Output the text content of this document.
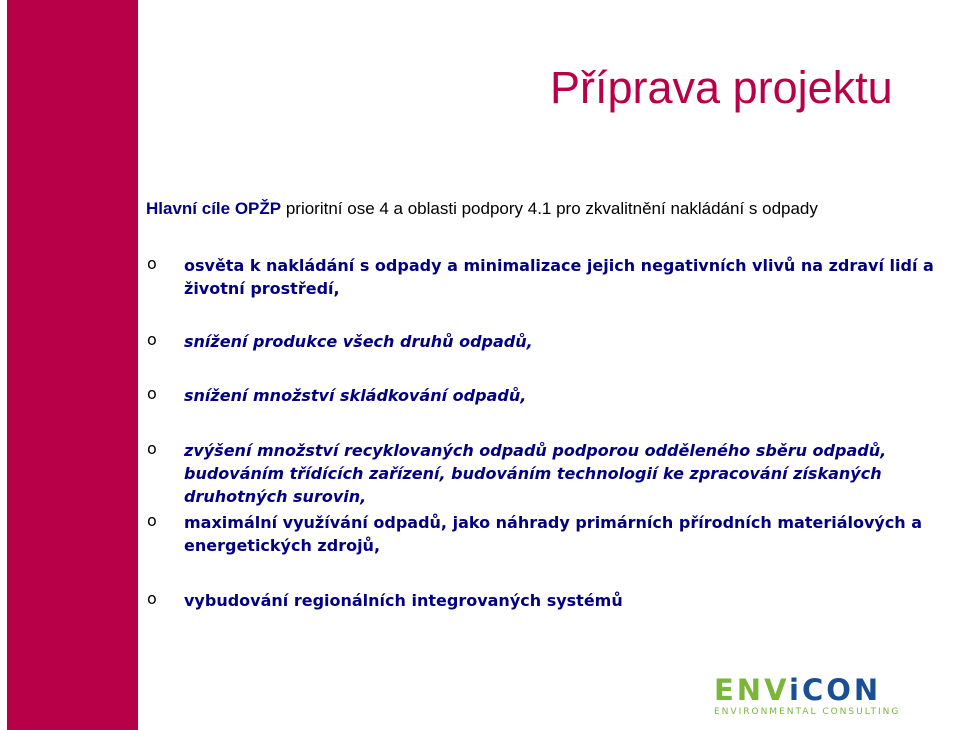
Příprava projektu
Hlavní cíle OPŽP prioritní ose 4 a oblasti podpory 4.1 pro zkvalitnění nakládání s odpady
o osvěta k nakládání s odpady a minimalizace jejich negativních vlivů na zdraví lidí a životní prostředí,
o snížení produkce všech druhů odpadů,
o snížení množství skládkování odpadů,
o zvýšení množství recyklovaných odpadů podporou odděleného sběru odpadů, budováním třídících zařízení, budováním technologií ke zpracování získaných druhotných surovin,
o maximální využívání odpadů, jako náhrady primárních přírodních materiálových a energetických zdrojů,
o vybudování regionálních integrovaných systémů
ENViCON
ENVIRONMENTAL CONSULTING
